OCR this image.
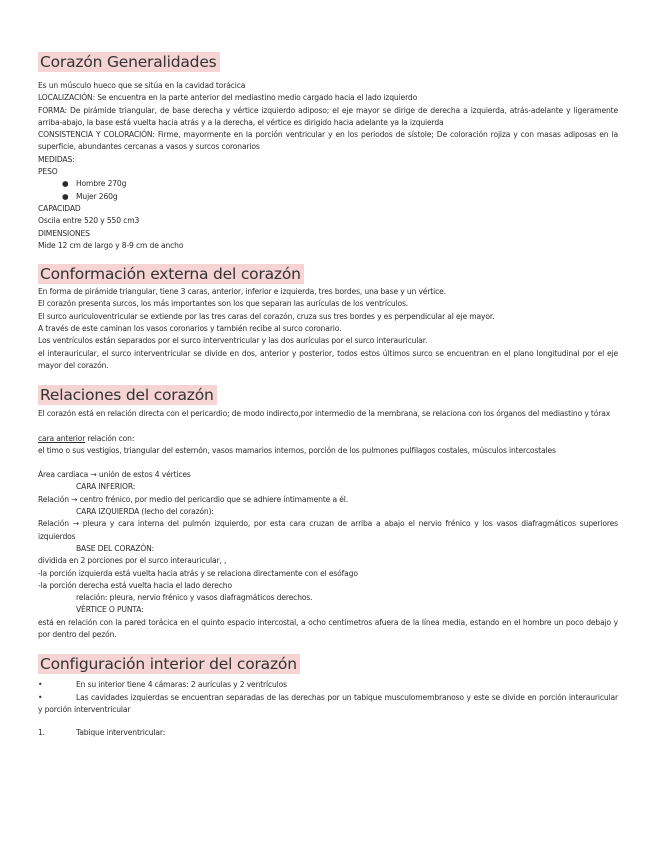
Corazón Generalidades
Es un músculo hueco que se sitúa en la cavidad torácica
LOCALIZACIÓN: Se encuentra en la parte anterior del mediastino medio cargado hacia el lado izquierdo
FORMA: De pirámide triangular, de base derecha y vértice izquierdo adiposo; el eje mayor se dirige de derecha a izquierda, atrás-adelante y ligeramente arriba-abajo, la base está vuelta hacia atrás y a la derecha, el vértice es dirigido hacia adelante ya la izquierda
CONSISTENCIA Y COLORACIÓN: Firme, mayormente en la porción ventricular y en los periodos de sístole; De coloración rojiza y con masas adiposas en la superficie, abundantes cercanas a vasos y surcos coronarios
MEDIDAS:
PESO
● Hombre 270g
● Mujer 260g
CAPACIDAD
Oscila entre 520 y 550 cm3
DIMENSIONES
Mide 12 cm de largo y 8-9 cm de ancho
Conformación externa del corazón
En forma de pirámide triangular, tiene 3 caras, anterior, inferior e izquierda, tres bordes, una base y un vértice.
El corazón presenta surcos, los más importantes son los que separan las aurículas de los ventrículos.
El surco auriculoventricular se extiende por las tres caras del corazón, cruza sus tres bordes y es perpendicular al eje mayor.
A través de este caminan los vasos coronarios y también recibe al surco coronario.
Los ventrículos están separados por el surco interventricular y las dos aurículas por el surco interauricular.
el interauricular, el surco interventricular se divide en dos, anterior y posterior, todos estos últimos surco se encuentran en el plano longitudinal por el eje mayor del corazón.
Relaciones del corazón
El corazón está en relación directa con el pericardio; de modo indirecto,por intermedio de la membrana, se relaciona con los órganos del mediastino y tórax
cara anterior relación con:
el timo o sus vestigios, triangular del esternón, vasos mamarios internos, porción de los pulmones pulfilagos costales, músculos intercostales
Área cardiaca → unión de estos 4 vértices
CARA INFERIOR:
Relación → centro frénico, por medio del pericardio que se adhiere íntimamente a él.
CARA IZQUIERDA (lecho del corazón):
Relación → pleura y cara interna del pulmón izquierdo, por esta cara cruzan de arriba a abajo el nervio frénico y los vasos diafragmáticos superiores izquierdos
BASE DEL CORAZÓN:
dividida en 2 porciones por el surco interauricular, ,
-la porción izquierda está vuelta hacia atrás y se relaciona directamente con el esófago
-la porción derecha está vuelta hacia el lado derecho
relación: pleura, nervio frénico y vasos diafragmáticos derechos.
VÉRTICE O PUNTA:
está en relación con la pared torácica en el quinto espacio intercostal, a ocho centímetros afuera de la línea media, estando en el hombre un poco debajo y por dentro del pezón.
Configuración interior del corazón
•	En su interior tiene 4 cámaras: 2 aurículas y 2 ventrículos
•	Las cavidades izquierdas se encuentran separadas de las derechas por un tabique musculomembranoso y este se divide en porción interauricular y porción interventricular
1.	Tabique interventricular:
